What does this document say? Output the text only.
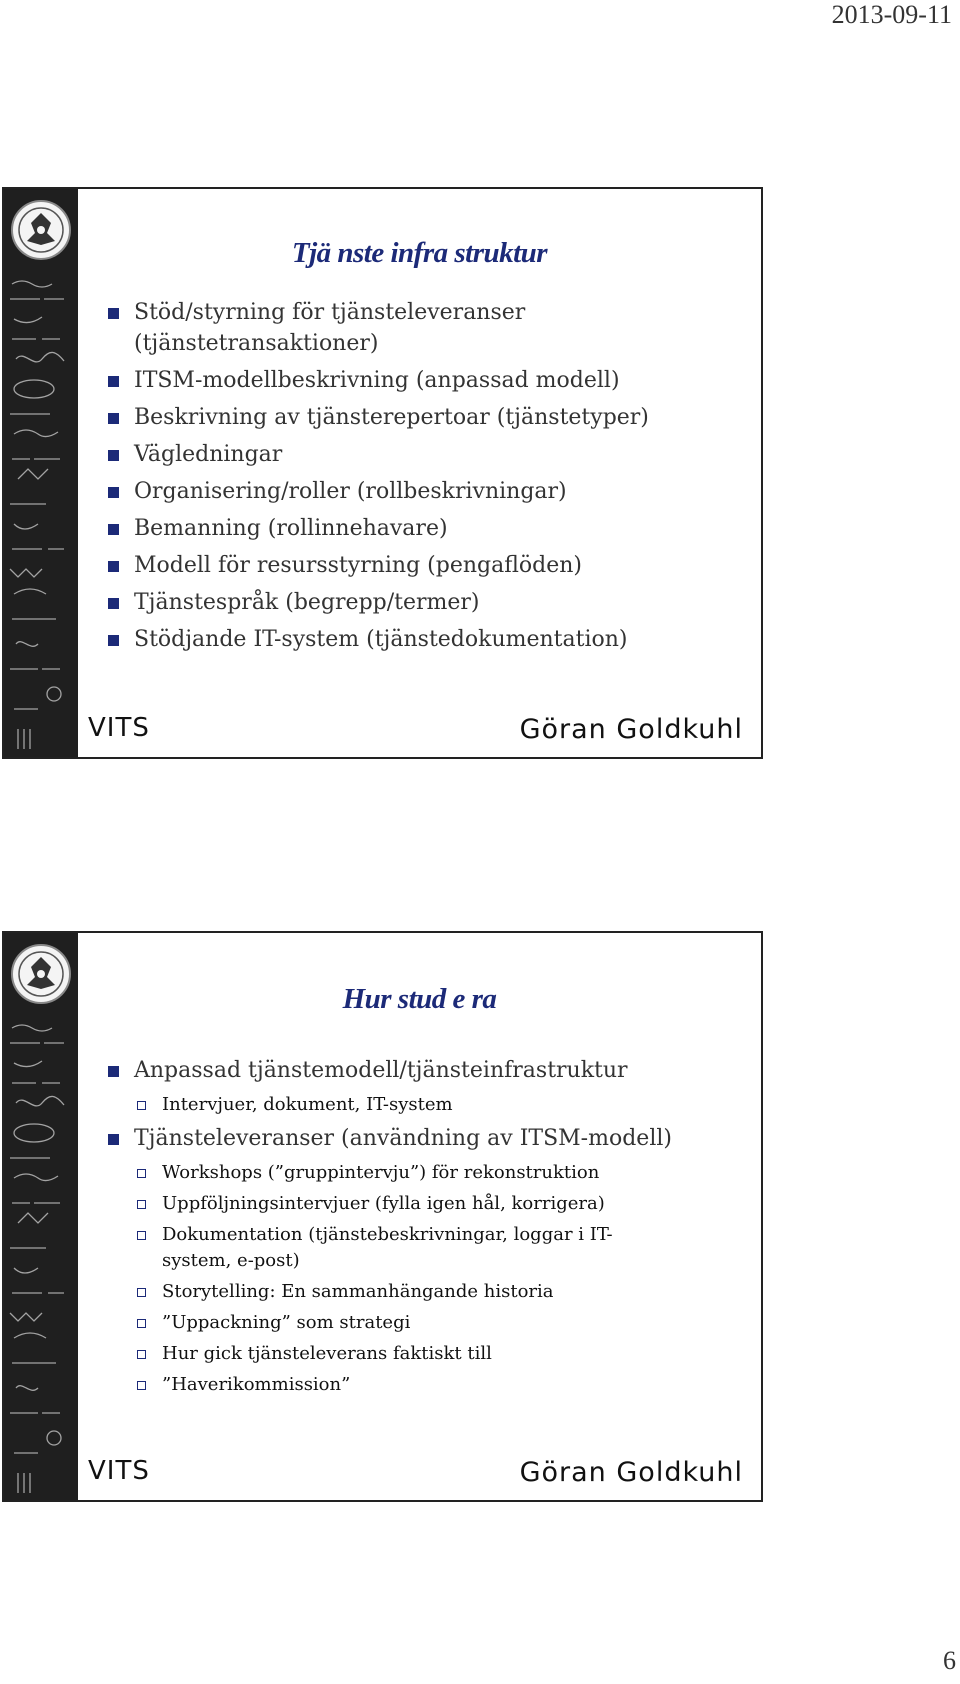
2013-09-11
Tjä nste infra struktur
Stöd/styrning för tjänsteleveranser (tjänstetransaktioner)
ITSM-modellbeskrivning (anpassad modell)
Beskrivning av tjänsterepertoar (tjänstetyper)
Vägledningar
Organisering/roller (rollbeskrivningar)
Bemanning (rollinnehavare)
Modell för resursstyrning (pengaflöden)
Tjänstespråk (begrepp/termer)
Stödjande IT-system (tjänstedokumentation)
VITS	Göran Goldkuhl
Hur stud e ra
Anpassad tjänstemodell/tjänsteinfrastruktur
Intervjuer, dokument, IT-system
Tjänsteleveranser (användning av ITSM-modell)
Workshops (”gruppintervju”) för rekonstruktion
Uppföljningsintervjuer (fylla igen hål, korrigera)
Dokumentation (tjänstebeskrivningar, loggar i IT-system, e-post)
Storytelling: En sammanhängande historia
”Uppackning” som strategi
Hur gick tjänsteleverans faktiskt till
”Haverikommission”
VITS	Göran Goldkuhl
6
